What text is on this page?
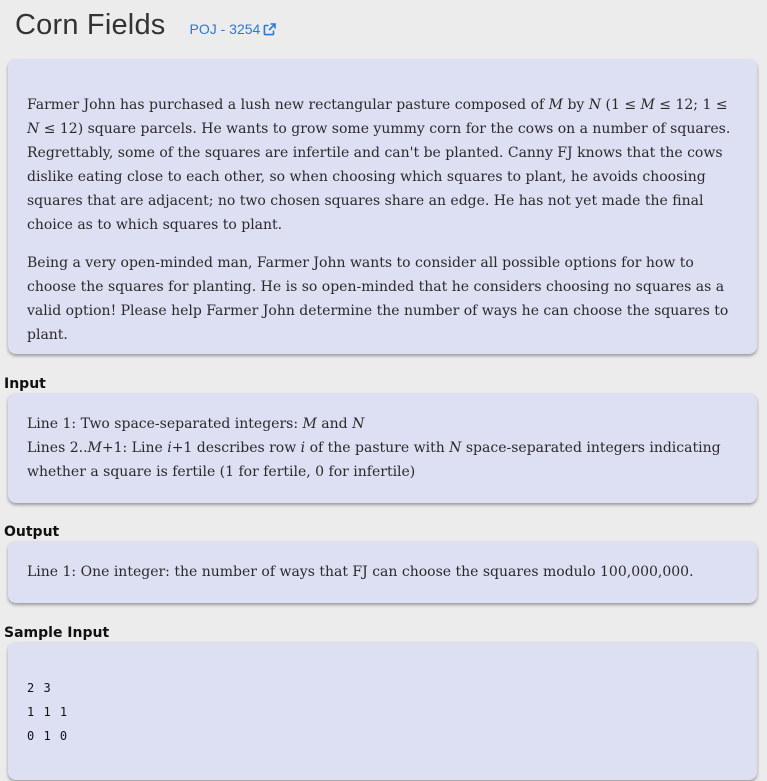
Corn Fields POJ - 3254

Farmer John has purchased a lush new rectangular pasture composed of M by N (1 ≤ M ≤ 12; 1 ≤ N ≤ 12) square parcels. He wants to grow some yummy corn for the cows on a number of squares. Regrettably, some of the squares are infertile and can't be planted. Canny FJ knows that the cows dislike eating close to each other, so when choosing which squares to plant, he avoids choosing squares that are adjacent; no two chosen squares share an edge. He has not yet made the final choice as to which squares to plant.

Being a very open-minded man, Farmer John wants to consider all possible options for how to choose the squares for planting. He is so open-minded that he considers choosing no squares as a valid option! Please help Farmer John determine the number of ways he can choose the squares to plant.

Input

Line 1: Two space-separated integers: M and N

Lines 2..M+1: Line i+1 describes row i of the pasture with N space-separated integers indicating whether a square is fertile (1 for fertile, 0 for infertile)

Output

Line 1: One integer: the number of ways that FJ can choose the squares modulo 100,000,000.

Sample Input
2 3
1 1 1
0 1 0
